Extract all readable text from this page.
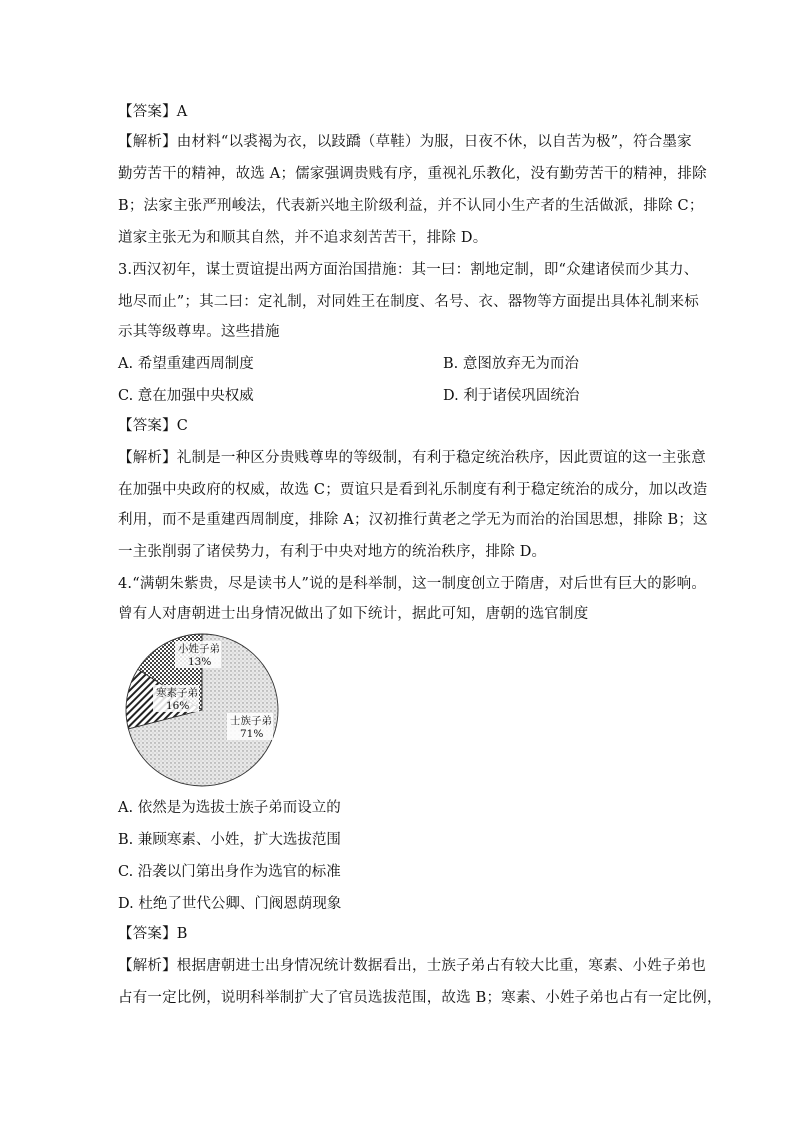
【答案】A
【解析】由材料“以裘褐为衣，以跂蹻（草鞋）为服，日夜不休，以自苦为极”，符合墨家
勤劳苦干的精神，故选 A；儒家强调贵贱有序，重视礼乐教化，没有勤劳苦干的精神，排除
B；法家主张严刑峻法，代表新兴地主阶级利益，并不认同小生产者的生活做派，排除 C；
道家主张无为和顺其自然，并不追求刻苦苦干，排除 D。
3.西汉初年，谋士贾谊提出两方面治国措施：其一曰：割地定制，即“众建诸侯而少其力、
地尽而止”；其二曰：定礼制，对同姓王在制度、名号、衣、器物等方面提出具体礼制来标
示其等级尊卑。这些措施
A. 希望重建西周制度	B. 意图放弃无为而治
C. 意在加强中央权威	D. 利于诸侯巩固统治
【答案】C
【解析】礼制是一种区分贵贱尊卑的等级制，有利于稳定统治秩序，因此贾谊的这一主张意
在加强中央政府的权威，故选 C；贾谊只是看到礼乐制度有利于稳定统治的成分，加以改造
利用，而不是重建西周制度，排除 A；汉初推行黄老之学无为而治的治国思想，排除 B；这
一主张削弱了诸侯势力，有利于中央对地方的统治秩序，排除 D。
4.“满朝朱紫贵，尽是读书人”说的是科举制，这一制度创立于隋唐，对后世有巨大的影响。
曾有人对唐朝进士出身情况做出了如下统计，据此可知，唐朝的选官制度
小姓子弟
13%
寒素子弟
16%
士族子弟
71%
A. 依然是为选拔士族子弟而设立的
B. 兼顾寒素、小姓，扩大选拔范围
C. 沿袭以门第出身作为选官的标准
D. 杜绝了世代公卿、门阀恩荫现象
【答案】B
【解析】根据唐朝进士出身情况统计数据看出，士族子弟占有较大比重，寒素、小姓子弟也
占有一定比例，说明科举制扩大了官员选拔范围，故选 B；寒素、小姓子弟也占有一定比例，
